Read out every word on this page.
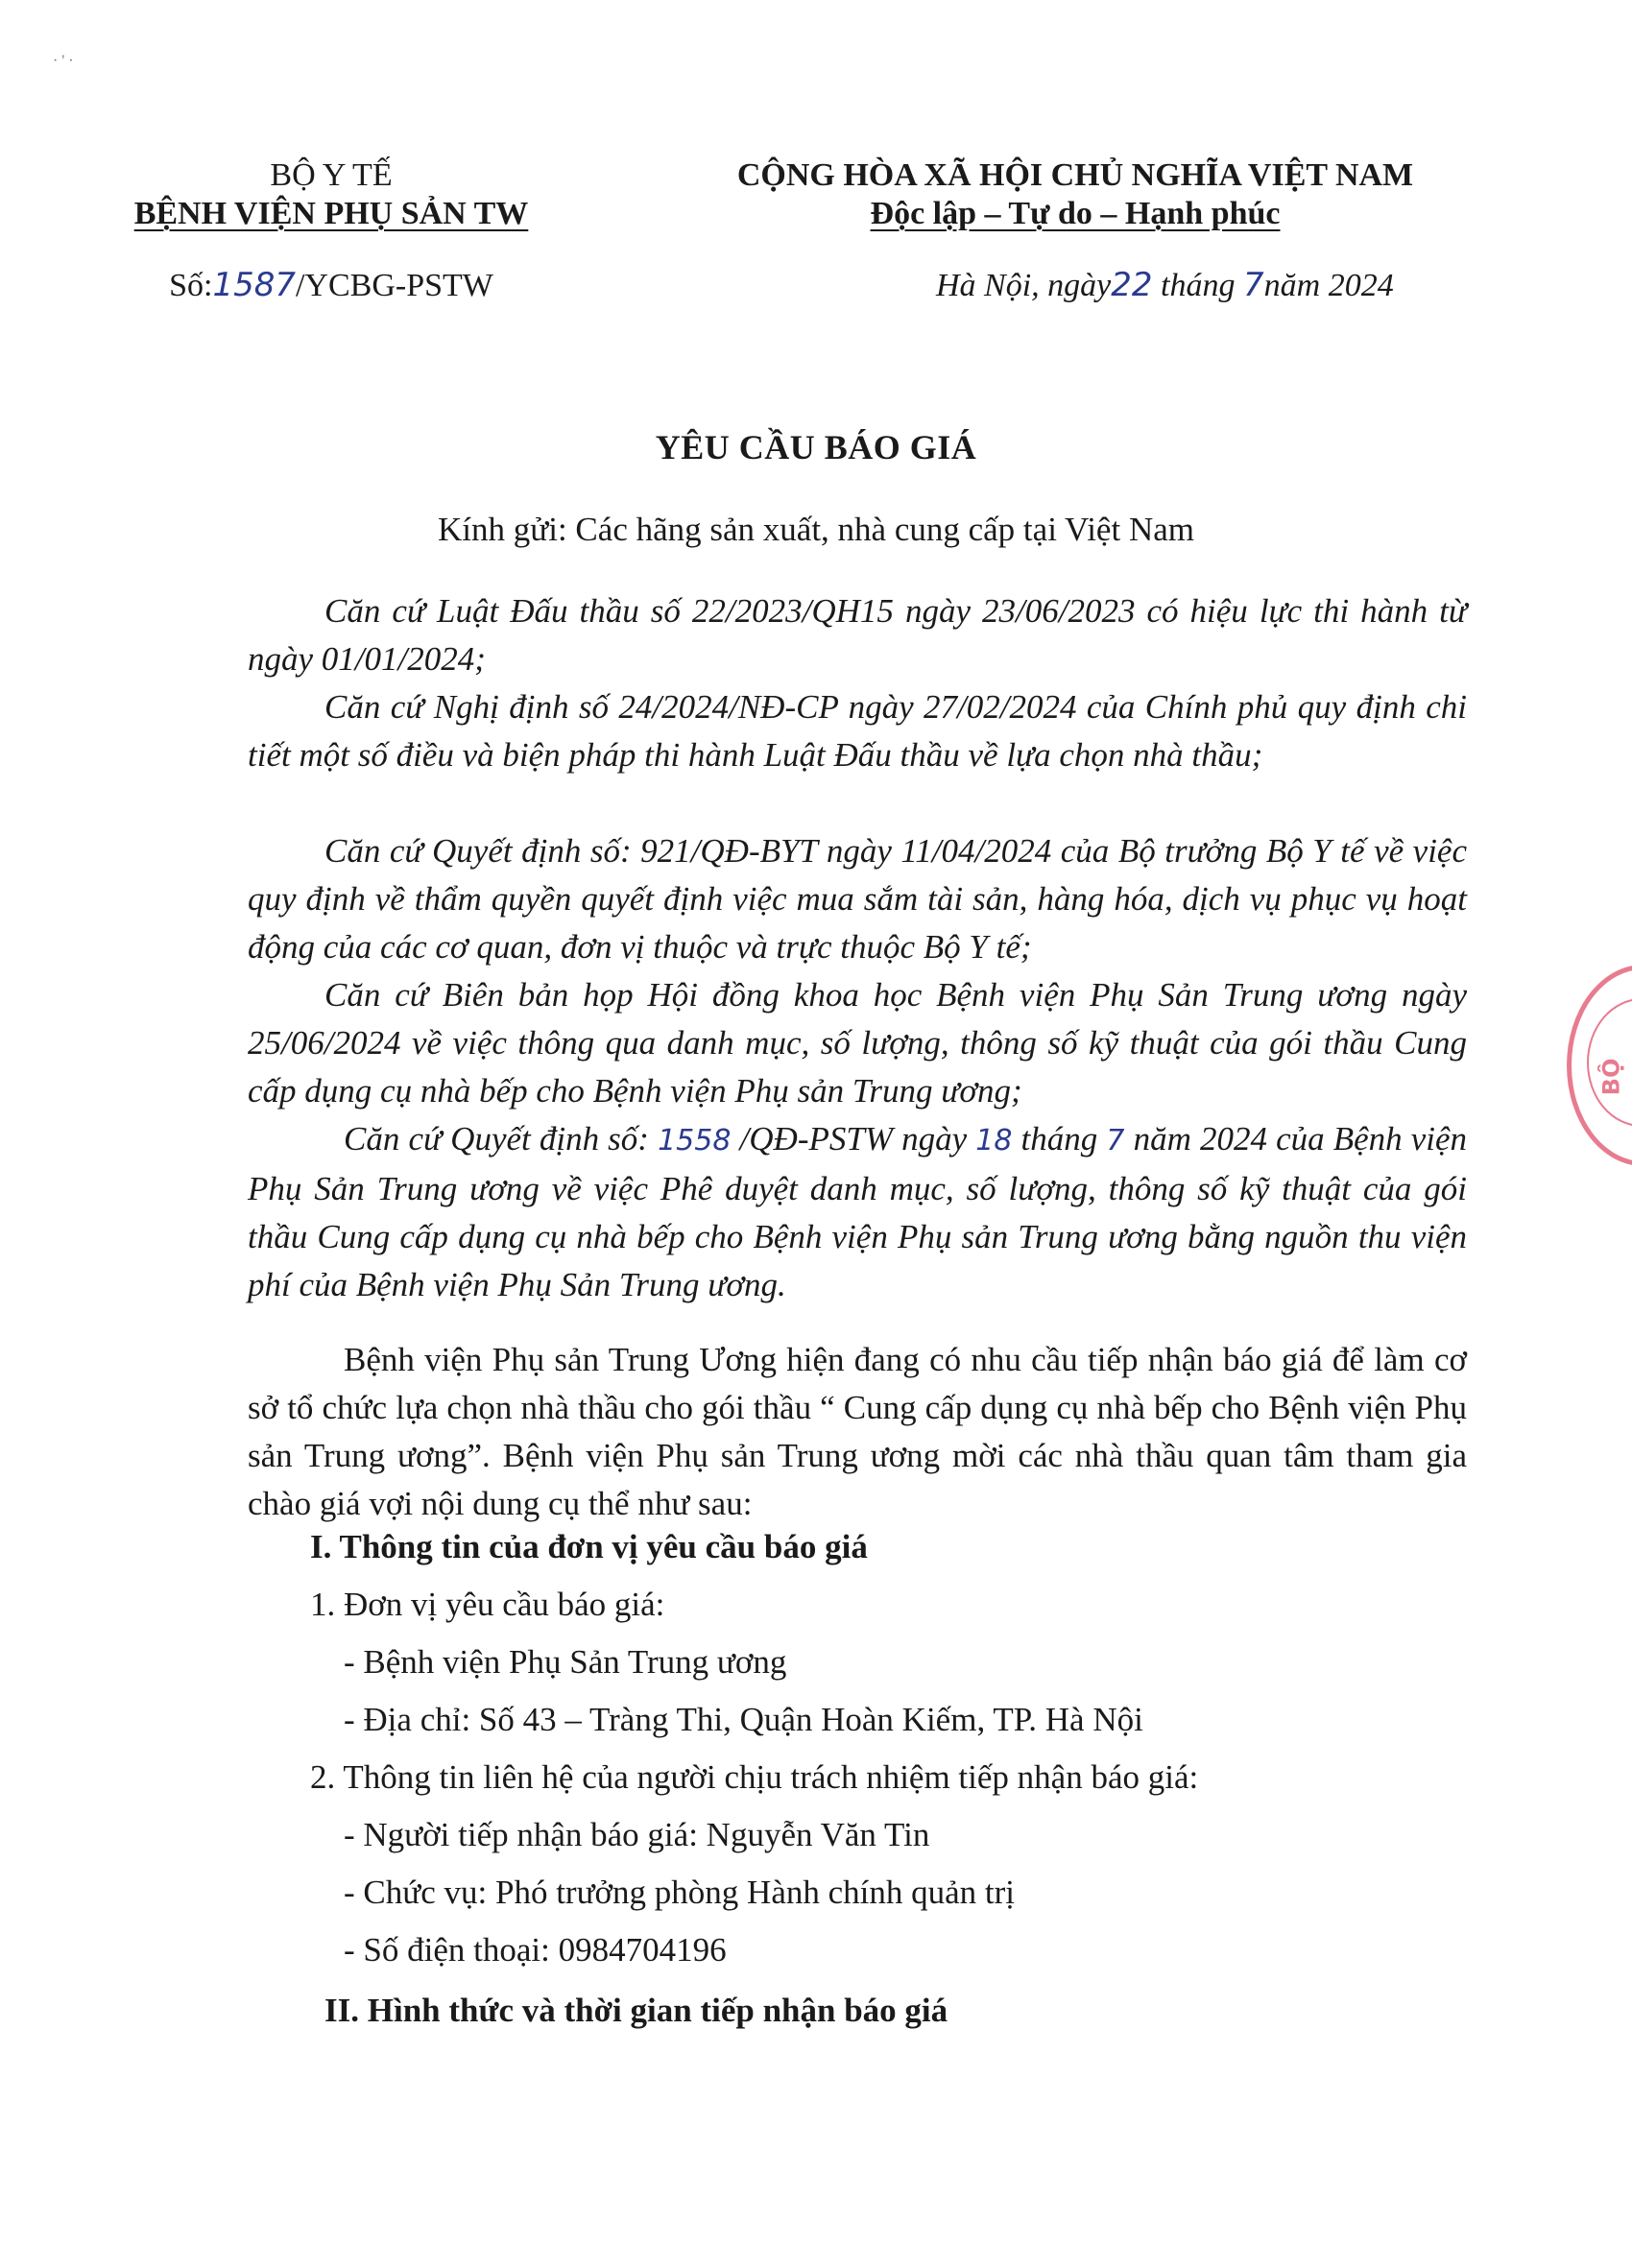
· ' ·
BỘ Y TẾ
BỆNH VIỆN PHỤ SẢN TW
Số:1587/YCBG-PSTW
CỘNG HÒA XÃ HỘI CHỦ NGHĨA VIỆT NAM
Độc lập – Tự do – Hạnh phúc
Hà Nội, ngày22 tháng 7năm 2024
YÊU CẦU BÁO GIÁ
Kính gửi: Các hãng sản xuất, nhà cung cấp tại Việt Nam
Căn cứ Luật Đấu thầu số 22/2023/QH15 ngày 23/06/2023 có hiệu lực thi hành từ ngày 01/01/2024;
Căn cứ Nghị định số 24/2024/NĐ-CP ngày 27/02/2024 của Chính phủ quy định chi tiết một số điều và biện pháp thi hành Luật Đấu thầu về lựa chọn nhà thầu;
Căn cứ Quyết định số: 921/QĐ-BYT ngày 11/04/2024 của Bộ trưởng Bộ Y tế về việc quy định về thẩm quyền quyết định việc mua sắm tài sản, hàng hóa, dịch vụ phục vụ hoạt động của các cơ quan, đơn vị thuộc và trực thuộc Bộ Y tế;
Căn cứ Biên bản họp Hội đồng khoa học Bệnh viện Phụ Sản Trung ương ngày 25/06/2024 về việc thông qua danh mục, số lượng, thông số kỹ thuật của gói thầu Cung cấp dụng cụ nhà bếp cho Bệnh viện Phụ sản Trung ương;
Căn cứ Quyết định số: 1558 /QĐ-PSTW ngày 18 tháng 7 năm 2024 của Bệnh viện Phụ Sản Trung ương về việc Phê duyệt danh mục, số lượng, thông số kỹ thuật của gói thầu Cung cấp dụng cụ nhà bếp cho Bệnh viện Phụ sản Trung ương bằng nguồn thu viện phí của Bệnh viện Phụ Sản Trung ương.
Bệnh viện Phụ sản Trung Ương hiện đang có nhu cầu tiếp nhận báo giá để làm cơ sở tổ chức lựa chọn nhà thầu cho gói thầu “ Cung cấp dụng cụ nhà bếp cho Bệnh viện Phụ sản Trung ương”. Bệnh viện Phụ sản Trung ương mời các nhà thầu quan tâm tham gia chào giá vợi nội dung cụ thể như sau:
I. Thông tin của đơn vị yêu cầu báo giá
1. Đơn vị yêu cầu báo giá:
- Bệnh viện Phụ Sản Trung ương
- Địa chỉ: Số 43 – Tràng Thi, Quận Hoàn Kiếm, TP. Hà Nội
2. Thông tin liên hệ của người chịu trách nhiệm tiếp nhận báo giá:
- Người tiếp nhận báo giá: Nguyễn Văn Tin
- Chức vụ: Phó trưởng phòng Hành chính quản trị
- Số điện thoại: 0984704196
II. Hình thức và thời gian tiếp nhận báo giá
BỘ
